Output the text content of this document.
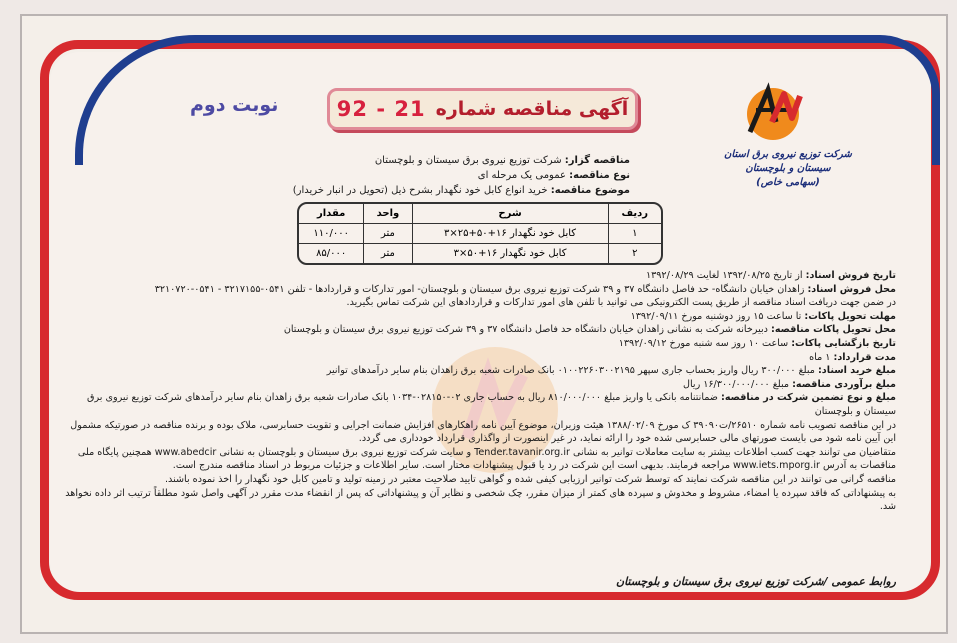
آگهی مناقصه شماره
21 - 92
نوبت دوم
شرکت توزیع نیروی برق استان سیستان و بلوچستان
(سهامی خاص)
مناقصه گزار: شرکت توزیع نیروی برق سیستان و بلوچستان
نوع مناقصه: عمومی یک مرحله ای
موضوع مناقصه: خرید انواع کابل خود نگهدار بشرح ذیل (تحویل در انبار خریدار)
ردیف	شرح	واحد	مقدار
۱	کابل خود نگهدار ۱۶+۵۰+۲۵×۳	متر	۱۱۰/۰۰۰
۲	کابل خود نگهدار ۱۶+۵۰×۳	متر	۸۵/۰۰۰

تاریخ فروش اسناد: از تاریخ ۱۳۹۲/۰۸/۲۵ لغایت ۱۳۹۲/۰۸/۲۹

محل فروش اسناد: زاهدان خیابان دانشگاه- حد فاصل دانشگاه ۳۷ و ۳۹ شرکت توزیع نیروی برق سیستان و بلوچستان- امور تدارکات و قراردادها - تلفن ۰۵۴۱-۳۲۱۷۱۵۵ - ۰۵۴۱-۳۲۱۰۷۲۰

در ضمن جهت دریافت اسناد مناقصه از طریق پست الکترونیکی می توانید با تلفن های امور تدارکات و قراردادهای این شرکت تماس بگیرید.

مهلت تحویل پاکات: تا ساعت ۱۵ روز دوشنبه مورخ ۱۳۹۲/۰۹/۱۱

محل تحویل پاکات مناقصه: دبیرخانه شرکت به نشانی زاهدان خیابان دانشگاه حد فاصل دانشگاه ۳۷ و ۳۹ شرکت توزیع نیروی برق سیستان و بلوچستان

تاریخ بازگشایی پاکات: ساعت ۱۰ روز سه شنبه مورخ ۱۳۹۲/۰۹/۱۲

مدت قرارداد: ۱ ماه

مبلغ خرید اسناد: مبلغ ۳۰۰/۰۰۰ ریال واریز بحساب جاری سپهر ۰۱۰۰۲۲۶۰۳۰۰۲۱۹۵ بانک صادرات شعبه برق زاهدان بنام سایر درآمدهای توانیر

مبلغ برآوردی مناقصه: مبلغ ۱۶/۳۰۰/۰۰۰/۰۰۰ ریال

مبلغ و نوع تضمین شرکت در مناقصه: ضمانتنامه بانکی یا واریز مبلغ ۸۱۰/۰۰۰/۰۰۰ ریال به حساب جاری ۰۲-۰۲۸۱۵۰-۱۰۳۴ بانک صادرات شعبه برق زاهدان بنام سایر درآمدهای شرکت توزیع نیروی برق سیستان و بلوچستان

در این مناقصه تصویب نامه شماره ۲۶۵۱۰/ت۳۹۰۹۰ ک مورخ ۱۳۸۸/۰۲/۰۹ هیئت وزیران، موضوع آیین نامه راهکارهای افزایش ضمانت اجرایی و تقویت حسابرسی، ملاک بوده و برنده مناقصه در صورتیکه مشمول این آیین نامه شود می بایست صورتهای مالی حسابرسی شده خود را ارائه نماید، در غیر اینصورت از واگذاری قرارداد خودداری می گردد.

متقاضیان می توانند جهت کسب اطلاعات بیشتر به سایت معاملات توانیر به نشانی Tender.tavanir.org.ir و سایت شرکت توزیع نیروی برق سیستان و بلوچستان به نشانی www.abedcir همچنین پایگاه ملی مناقصات به آدرس www.iets.mporg.ir مراجعه فرمایند. بدیهی است این شرکت در رد یا قبول پیشنهادات مختار است. سایر اطلاعات و جزئیات مربوط در اسناد مناقصه مندرج است.

مناقصه گرانی می توانند در این مناقصه شرکت نمایند که توسط شرکت توانیر ارزیابی کیفی شده و گواهی تایید صلاحیت معتبر در زمینه تولید و تامین کابل خود نگهدار را اخذ نموده باشند.

به پیشنهاداتی که فاقد سپرده یا امضاء، مشروط و مخدوش و سپرده های کمتر از میزان مقرر، چک شخصی و نظایر آن و پیشنهاداتی که پس از انقضاء مدت مقرر در آگهی واصل شود مطلقاً ترتیب اثر داده نخواهد شد.

روابط عمومی /شرکت توزیع نیروی برق سیستان و بلوچستان
